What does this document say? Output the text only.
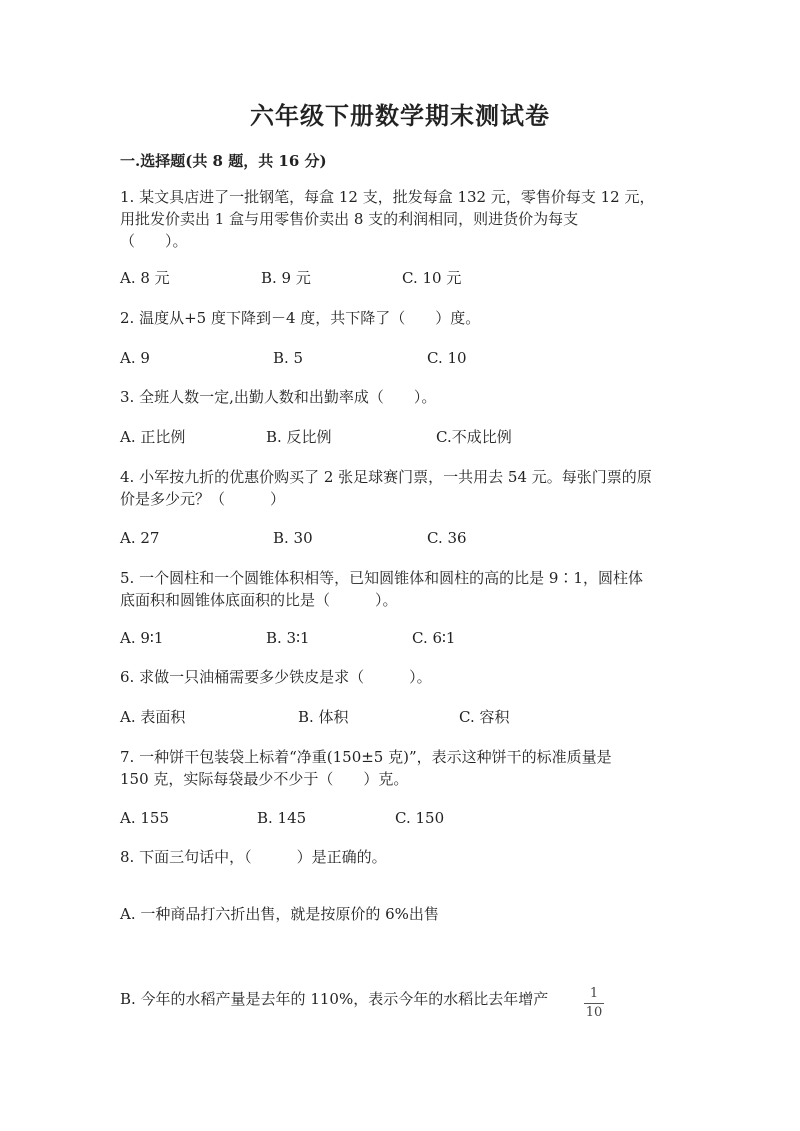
六年级下册数学期末测试卷
一.选择题(共 8 题，共 16 分)
1. 某文具店进了一批钢笔，每盒 12 支，批发每盒 132 元，零售价每支 12 元，
用批发价卖出 1 盒与用零售价卖出 8 支的利润相同，则进货价为每支
（　　）。
A. 8 元	B. 9 元	C. 10 元
2. 温度从+5 度下降到－4 度，共下降了（　　）度。
A. 9	B. 5	C. 10
3. 全班人数一定,出勤人数和出勤率成（　　）。
A. 正比例	B. 反比例	C.不成比例
4. 小军按九折的优惠价购买了 2 张足球赛门票，一共用去 54 元。每张门票的原
价是多少元？（　　　）
A. 27	B. 30	C. 36
5. 一个圆柱和一个圆锥体积相等，已知圆锥体和圆柱的高的比是 9∶1，圆柱体
底面积和圆锥体底面积的比是（　　　）。
A. 9∶1	B. 3∶1	C. 6∶1
6. 求做一只油桶需要多少铁皮是求（　　　）。
A. 表面积	B. 体积	C. 容积
7. 一种饼干包装袋上标着“净重(150±5 克)”，表示这种饼干的标准质量是
150 克，实际每袋最少不少于（　　）克。
A. 155	B. 145	C. 150
8. 下面三句话中，（　　　）是正确的。
A. 一种商品打六折出售，就是按原价的 6%出售
B. 今年的水稻产量是去年的 110%，表示今年的水稻比去年增产	1
10
